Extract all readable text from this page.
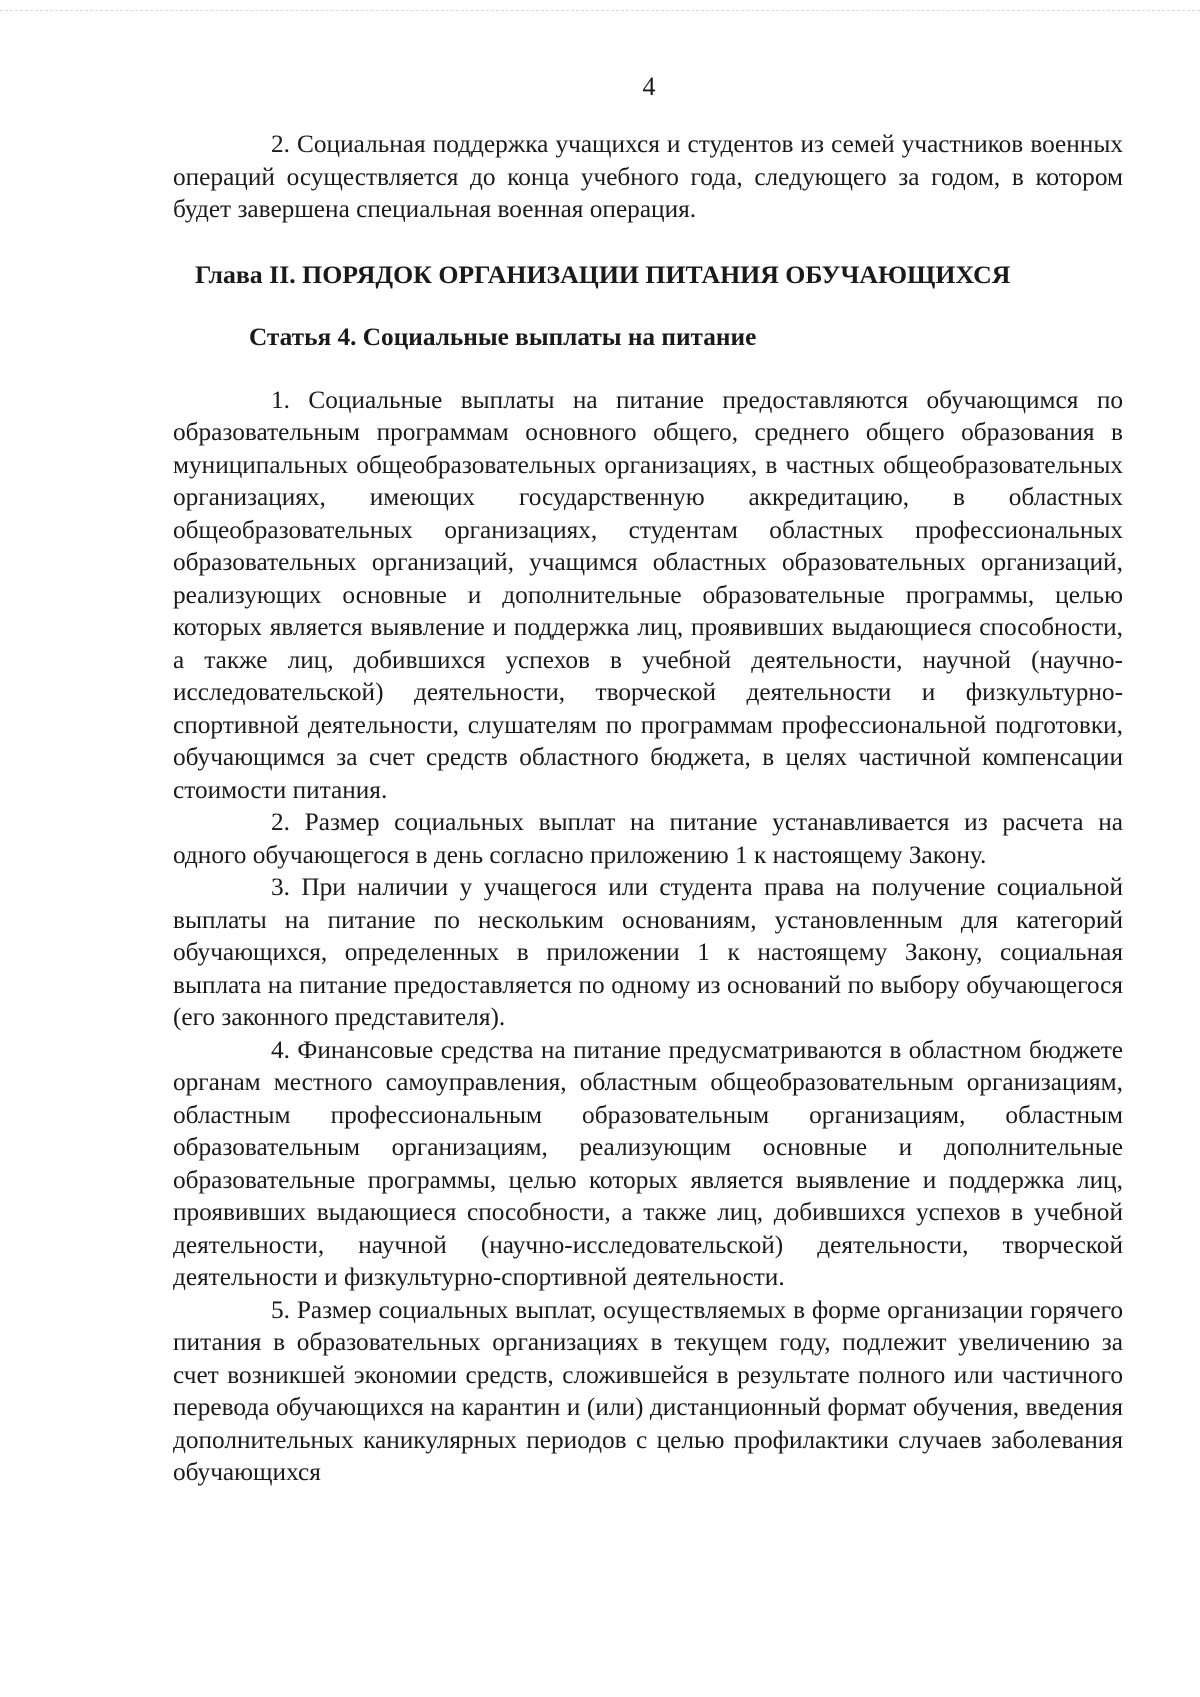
4

2. Социальная поддержка учащихся и студентов из семей участников военных операций осуществляется до конца учебного года, следующего за годом, в котором будет завершена специальная военная операция.

Глава II. ПОРЯДОК ОРГАНИЗАЦИИ ПИТАНИЯ ОБУЧАЮЩИХСЯ
Статья 4. Социальные выплаты на питание

1. Социальные выплаты на питание предоставляются обучающимся по образовательным программам основного общего, среднего общего образования в муниципальных общеобразовательных организациях, в частных общеобразовательных организациях, имеющих государственную аккредитацию, в областных общеобразовательных организациях, студентам областных профессиональных образовательных организаций, учащимся областных образовательных организаций, реализующих основные и дополнительные образовательные программы, целью которых является выявление и поддержка лиц, проявивших выдающиеся способности, а также лиц, добившихся успехов в учебной деятельности, научной (научно-исследовательской) деятельности, творческой деятельности и физкультурно-спортивной деятельности, слушателям по программам профессиональной подготовки, обучающимся за счет средств областного бюджета, в целях частичной компенсации стоимости питания.

2. Размер социальных выплат на питание устанавливается из расчета на одного обучающегося в день согласно приложению 1 к настоящему Закону.

3. При наличии у учащегося или студента права на получение социальной выплаты на питание по нескольким основаниям, установленным для категорий обучающихся, определенных в приложении 1 к настоящему Закону, социальная выплата на питание предоставляется по одному из оснований по выбору обучающегося (его законного представителя).

4. Финансовые средства на питание предусматриваются в областном бюджете органам местного самоуправления, областным общеобразовательным организациям, областным профессиональным образовательным организациям, областным образовательным организациям, реализующим основные и дополнительные образовательные программы, целью которых является выявление и поддержка лиц, проявивших выдающиеся способности, а также лиц, добившихся успехов в учебной деятельности, научной (научно-исследовательской) деятельности, творческой деятельности и физкультурно-спортивной деятельности.

5. Размер социальных выплат, осуществляемых в форме организации горячего питания в образовательных организациях в текущем году, подлежит увеличению за счет возникшей экономии средств, сложившейся в результате полного или частичного перевода обучающихся на карантин и (или) дистанционный формат обучения, введения дополнительных каникулярных периодов с целью профилактики случаев заболевания обучающихся
